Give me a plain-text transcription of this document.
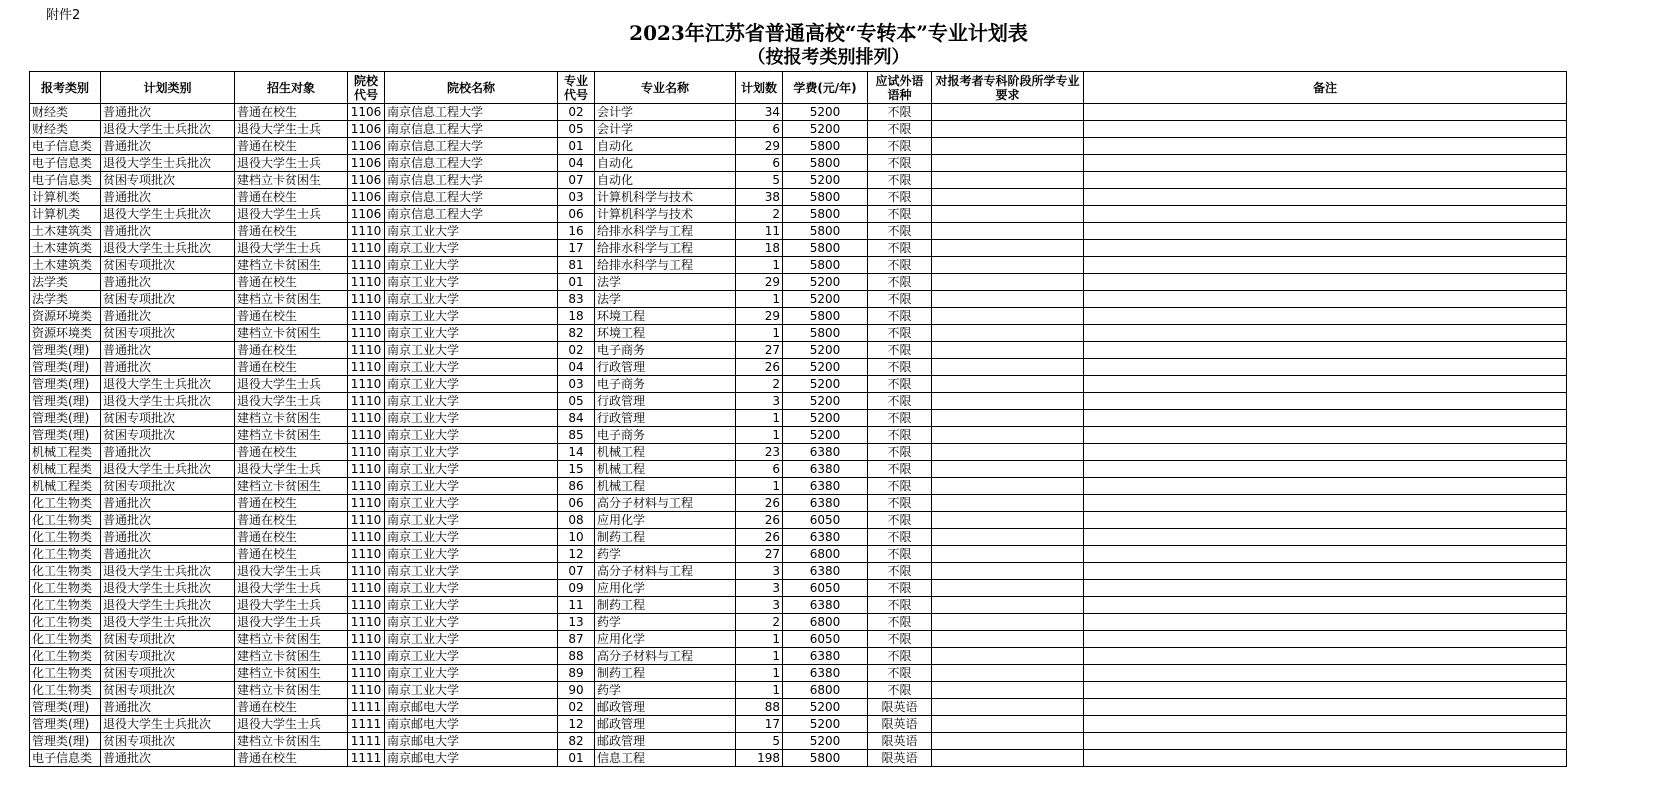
附件2
2023年江苏省普通高校“专转本”专业计划表
（按报考类别排列）
报考类别	计划类别	招生对象	院校代号	院校名称	专业代号	专业名称	计划数	学费(元/年)	应试外语语种	对报考者专科阶段所学专业要求	备注
财经类	普通批次	普通在校生	1106	南京信息工程大学	02	会计学	34	5200	不限		
财经类	退役大学生士兵批次	退役大学生士兵	1106	南京信息工程大学	05	会计学	6	5200	不限		
电子信息类	普通批次	普通在校生	1106	南京信息工程大学	01	自动化	29	5800	不限		
电子信息类	退役大学生士兵批次	退役大学生士兵	1106	南京信息工程大学	04	自动化	6	5800	不限		
电子信息类	贫困专项批次	建档立卡贫困生	1106	南京信息工程大学	07	自动化	5	5200	不限		
计算机类	普通批次	普通在校生	1106	南京信息工程大学	03	计算机科学与技术	38	5800	不限		
计算机类	退役大学生士兵批次	退役大学生士兵	1106	南京信息工程大学	06	计算机科学与技术	2	5800	不限		
土木建筑类	普通批次	普通在校生	1110	南京工业大学	16	给排水科学与工程	11	5800	不限		
土木建筑类	退役大学生士兵批次	退役大学生士兵	1110	南京工业大学	17	给排水科学与工程	18	5800	不限		
土木建筑类	贫困专项批次	建档立卡贫困生	1110	南京工业大学	81	给排水科学与工程	1	5800	不限		
法学类	普通批次	普通在校生	1110	南京工业大学	01	法学	29	5200	不限		
法学类	贫困专项批次	建档立卡贫困生	1110	南京工业大学	83	法学	1	5200	不限		
资源环境类	普通批次	普通在校生	1110	南京工业大学	18	环境工程	29	5800	不限		
资源环境类	贫困专项批次	建档立卡贫困生	1110	南京工业大学	82	环境工程	1	5800	不限		
管理类(理)	普通批次	普通在校生	1110	南京工业大学	02	电子商务	27	5200	不限		
管理类(理)	普通批次	普通在校生	1110	南京工业大学	04	行政管理	26	5200	不限		
管理类(理)	退役大学生士兵批次	退役大学生士兵	1110	南京工业大学	03	电子商务	2	5200	不限		
管理类(理)	退役大学生士兵批次	退役大学生士兵	1110	南京工业大学	05	行政管理	3	5200	不限		
管理类(理)	贫困专项批次	建档立卡贫困生	1110	南京工业大学	84	行政管理	1	5200	不限		
管理类(理)	贫困专项批次	建档立卡贫困生	1110	南京工业大学	85	电子商务	1	5200	不限		
机械工程类	普通批次	普通在校生	1110	南京工业大学	14	机械工程	23	6380	不限		
机械工程类	退役大学生士兵批次	退役大学生士兵	1110	南京工业大学	15	机械工程	6	6380	不限		
机械工程类	贫困专项批次	建档立卡贫困生	1110	南京工业大学	86	机械工程	1	6380	不限		
化工生物类	普通批次	普通在校生	1110	南京工业大学	06	高分子材料与工程	26	6380	不限		
化工生物类	普通批次	普通在校生	1110	南京工业大学	08	应用化学	26	6050	不限		
化工生物类	普通批次	普通在校生	1110	南京工业大学	10	制药工程	26	6380	不限		
化工生物类	普通批次	普通在校生	1110	南京工业大学	12	药学	27	6800	不限		
化工生物类	退役大学生士兵批次	退役大学生士兵	1110	南京工业大学	07	高分子材料与工程	3	6380	不限		
化工生物类	退役大学生士兵批次	退役大学生士兵	1110	南京工业大学	09	应用化学	3	6050	不限		
化工生物类	退役大学生士兵批次	退役大学生士兵	1110	南京工业大学	11	制药工程	3	6380	不限		
化工生物类	退役大学生士兵批次	退役大学生士兵	1110	南京工业大学	13	药学	2	6800	不限		
化工生物类	贫困专项批次	建档立卡贫困生	1110	南京工业大学	87	应用化学	1	6050	不限		
化工生物类	贫困专项批次	建档立卡贫困生	1110	南京工业大学	88	高分子材料与工程	1	6380	不限		
化工生物类	贫困专项批次	建档立卡贫困生	1110	南京工业大学	89	制药工程	1	6380	不限		
化工生物类	贫困专项批次	建档立卡贫困生	1110	南京工业大学	90	药学	1	6800	不限		
管理类(理)	普通批次	普通在校生	1111	南京邮电大学	02	邮政管理	88	5200	限英语		
管理类(理)	退役大学生士兵批次	退役大学生士兵	1111	南京邮电大学	12	邮政管理	17	5200	限英语		
管理类(理)	贫困专项批次	建档立卡贫困生	1111	南京邮电大学	82	邮政管理	5	5200	限英语		
电子信息类	普通批次	普通在校生	1111	南京邮电大学	01	信息工程	198	5800	限英语		
